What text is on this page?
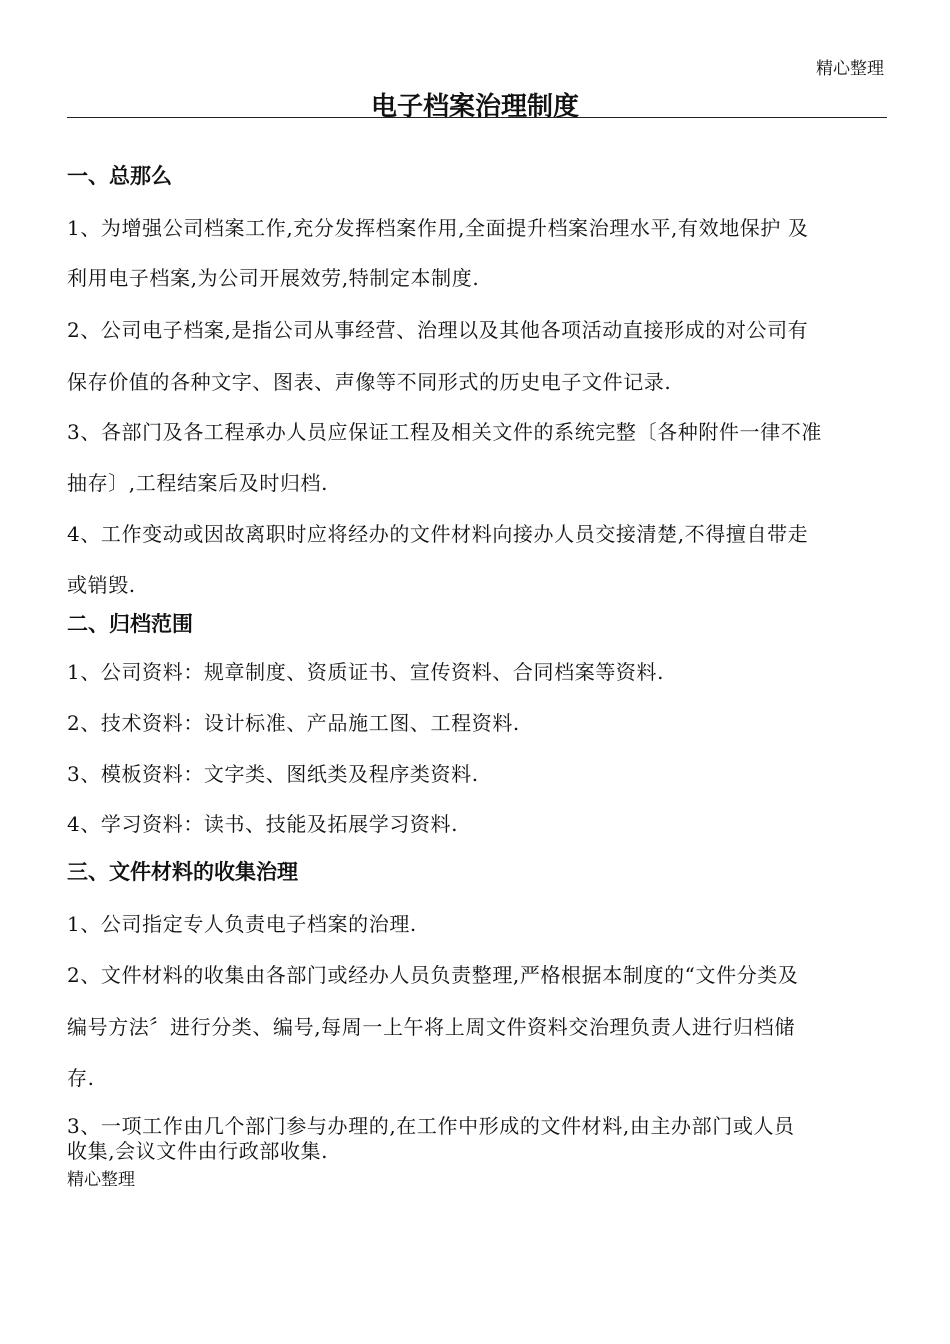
精心整理
电子档案治理制度
一、总那么
1、为增强公司档案工作,充分发挥档案作用,全面提升档案治理水平,有效地保护 及
利用电子档案,为公司开展效劳,特制定本制度.
2、公司电子档案,是指公司从事经营、治理以及其他各项活动直接形成的对公司有
保存价值的各种文字、图表、声像等不同形式的历史电子文件记录.
3、各部门及各工程承办人员应保证工程及相关文件的系统完整〔各种附件一律不准
抽存〕,工程结案后及时归档.
4、工作变动或因故离职时应将经办的文件材料向接办人员交接清楚,不得擅自带走
或销毁.
二、归档范围
1、公司资料：规章制度、资质证书、宣传资料、合同档案等资料.
2、技术资料：设计标准、产品施工图、工程资料.
3、模板资料：文字类、图纸类及程序类资料.
4、学习资料：读书、技能及拓展学习资料.
三、文件材料的收集治理
1、公司指定专人负责电子档案的治理.
2、文件材料的收集由各部门或经办人员负责整理,严格根据本制度的“文件分类及
编号方法〞进行分类、编号,每周一上午将上周文件资料交治理负责人进行归档储
存.
3、一项工作由几个部门参与办理的,在工作中形成的文件材料,由主办部门或人员
收集,会议文件由行政部收集.
精心整理
